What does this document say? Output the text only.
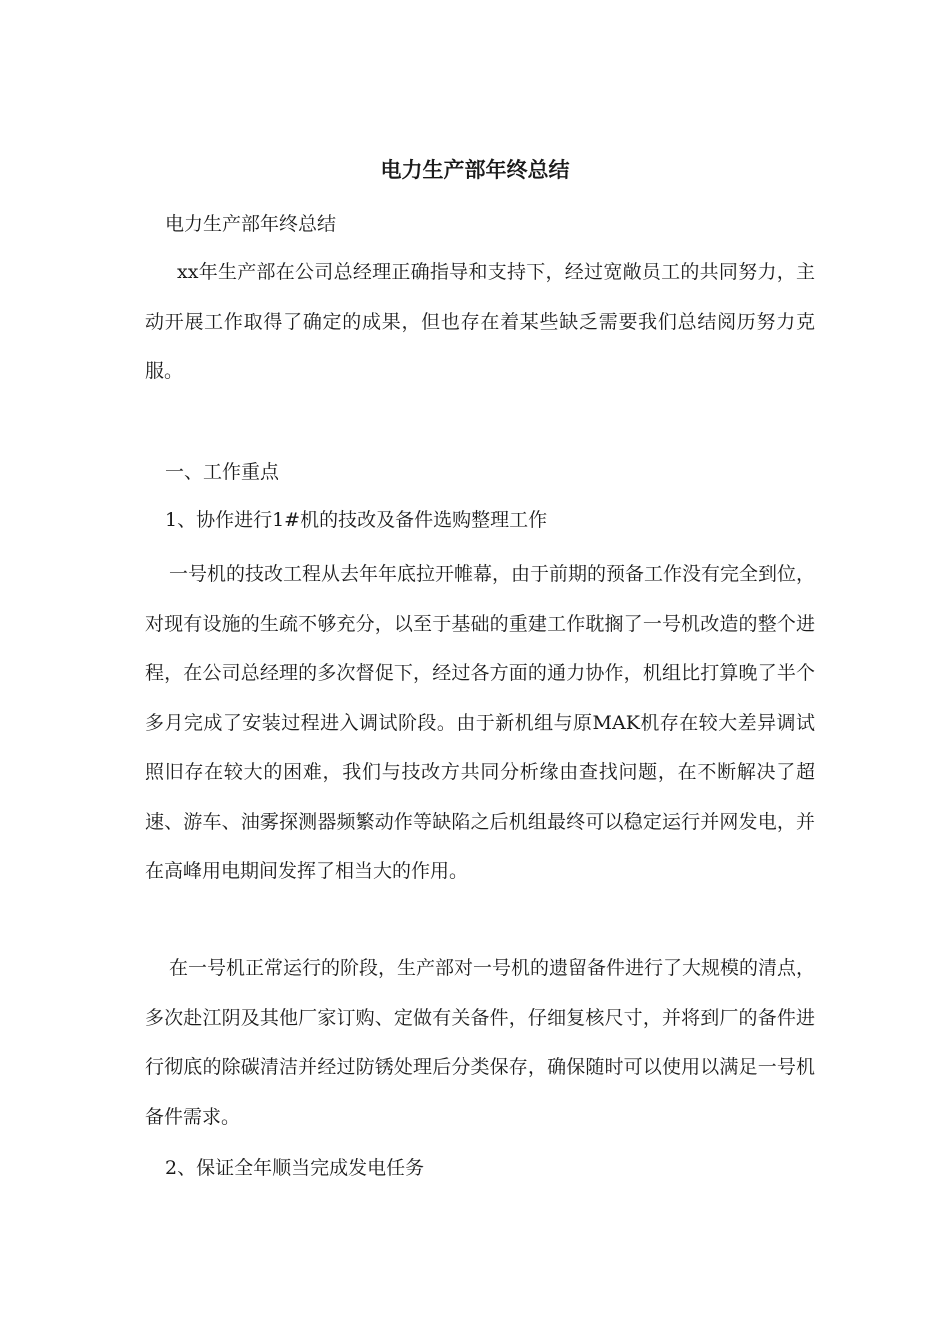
电力生产部年终总结

电力生产部年终总结

xx年生产部在公司总经理正确指导和支持下，经过宽敞员工的共同努力，主动开展工作取得了确定的成果，但也存在着某些缺乏需要我们总结阅历努力克服。

一、工作重点

1、协作进行1#机的技改及备件选购整理工作

一号机的技改工程从去年年底拉开帷幕，由于前期的预备工作没有完全到位，对现有设施的生疏不够充分，以至于基础的重建工作耽搁了一号机改造的整个进程，在公司总经理的多次督促下，经过各方面的通力协作，机组比打算晚了半个多月完成了安装过程进入调试阶段。由于新机组与原MAK机存在较大差异调试照旧存在较大的困难，我们与技改方共同分析缘由查找问题，在不断解决了超速、游车、油雾探测器频繁动作等缺陷之后机组最终可以稳定运行并网发电，并在高峰用电期间发挥了相当大的作用。

在一号机正常运行的阶段，生产部对一号机的遗留备件进行了大规模的清点，多次赴江阴及其他厂家订购、定做有关备件，仔细复核尺寸，并将到厂的备件进行彻底的除碳清洁并经过防锈处理后分类保存，确保随时可以使用以满足一号机备件需求。

2、保证全年顺当完成发电任务
